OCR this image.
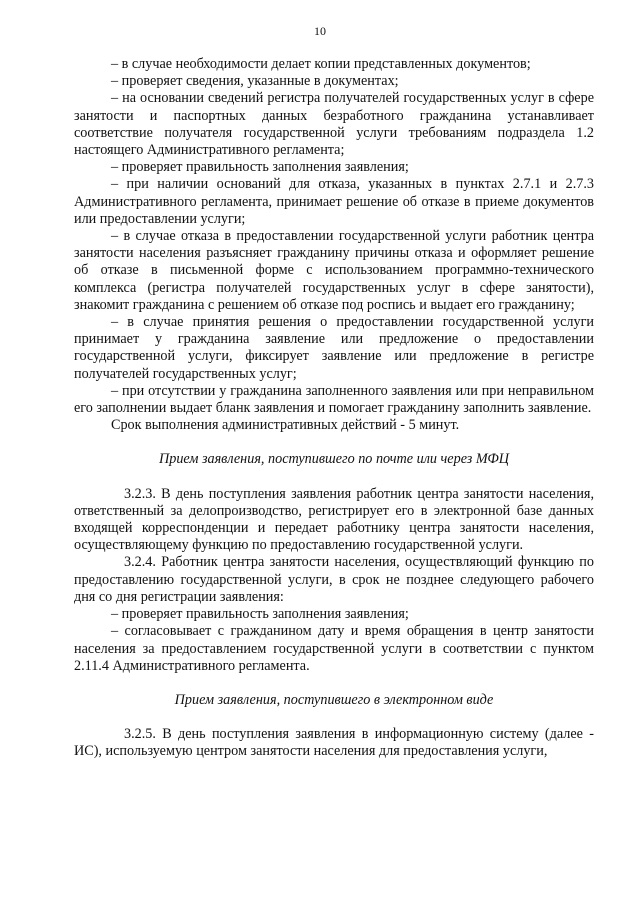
10

– в случае необходимости делает копии представленных документов;

– проверяет сведения, указанные в документах;

– на основании сведений регистра получателей государственных услуг в сфере занятости и паспортных данных безработного гражданина устанавливает соответствие получателя государственной услуги требованиям подраздела 1.2 настоящего Административного регламента;

– проверяет правильность заполнения заявления;

– при наличии оснований для отказа, указанных в пунктах 2.7.1 и 2.7.3 Административного регламента, принимает решение об отказе в приеме документов или предоставлении услуги;

– в случае отказа в предоставлении государственной услуги работник центра занятости населения разъясняет гражданину причины отказа и оформляет решение об отказе в письменной форме с использованием программно-технического комплекса (регистра получателей государственных услуг в сфере занятости), знакомит гражданина с решением об отказе под роспись и выдает его гражданину;

– в случае принятия решения о предоставлении государственной услуги принимает у гражданина заявление или предложение о предоставлении государственной услуги, фиксирует заявление или предложение в регистре получателей государственных услуг;

– при отсутствии у гражданина заполненного заявления или при неправильном его заполнении выдает бланк заявления и помогает гражданину заполнить заявление.

Срок выполнения административных действий - 5 минут.

Прием заявления, поступившего по почте или через МФЦ

3.2.3. В день поступления заявления работник центра занятости населения, ответственный за делопроизводство, регистрирует его в электронной базе данных входящей корреспонденции и передает работнику центра занятости населения, осуществляющему функцию по предоставлению государственной услуги.

3.2.4. Работник центра занятости населения, осуществляющий функцию по предоставлению государственной услуги, в срок не позднее следующего рабочего дня со дня регистрации заявления:

– проверяет правильность заполнения заявления;

– согласовывает с гражданином дату и время обращения в центр занятости населения за предоставлением государственной услуги в соответствии с пунктом 2.11.4 Административного регламента.

Прием заявления, поступившего в электронном виде

3.2.5. В день поступления заявления в информационную систему (далее - ИС), используемую центром занятости населения для предоставления услуги,
